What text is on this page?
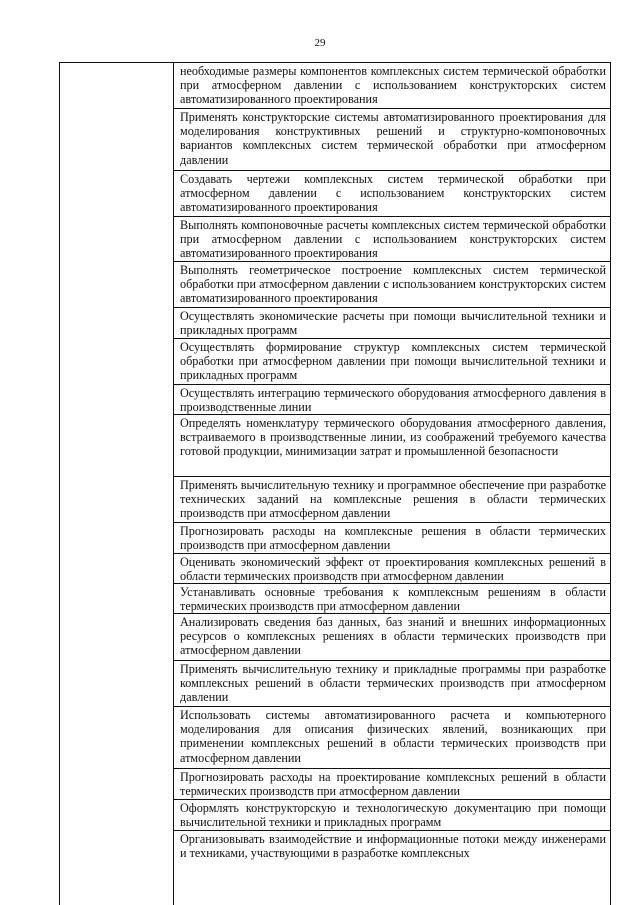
29
необходимые размеры компонентов комплексных систем термической обработки при атмосферном давлении с использованием конструкторских систем автоматизированного проектирования
Применять конструкторские системы автоматизированного проектирования для моделирования конструктивных решений и структурно-компоновочных вариантов комплексных систем термической обработки при атмосферном давлении
Создавать чертежи комплексных систем термической обработки при атмосферном давлении с использованием конструкторских систем автоматизированного проектирования
Выполнять компоновочные расчеты комплексных систем термической обработки при атмосферном давлении с использованием конструкторских систем автоматизированного проектирования
Выполнять геометрическое построение комплексных систем термической обработки при атмосферном давлении с использованием конструкторских систем автоматизированного проектирования
Осуществлять экономические расчеты при помощи вычислительной техники и прикладных программ
Осуществлять формирование структур комплексных систем термической обработки при атмосферном давлении при помощи вычислительной техники и прикладных программ
Осуществлять интеграцию термического оборудования атмосферного давления в производственные линии
Определять номенклатуру термического оборудования атмосферного давления, встраиваемого в производственные линии, из соображений требуемого качества готовой продукции, минимизации затрат и промышленной безопасности
Применять вычислительную технику и программное обеспечение при разработке технических заданий на комплексные решения в области термических производств при атмосферном давлении
Прогнозировать расходы на комплексные решения в области термических производств при атмосферном давлении
Оценивать экономический эффект от проектирования комплексных решений в области термических производств при атмосферном давлении
Устанавливать основные требования к комплексным решениям в области термических производств при атмосферном давлении
Анализировать сведения баз данных, баз знаний и внешних информационных ресурсов о комплексных решениях в области термических производств при атмосферном давлении
Применять вычислительную технику и прикладные программы при разработке комплексных решений в области термических производств при атмосферном давлении
Использовать системы автоматизированного расчета и компьютерного моделирования для описания физических явлений, возникающих при применении комплексных решений в области термических производств при атмосферном давлении
Прогнозировать расходы на проектирование комплексных решений в области термических производств при атмосферном давлении
Оформлять конструкторскую и технологическую документацию при помощи вычислительной техники и прикладных программ
Организовывать взаимодействие и информационные потоки между инженерами и техниками, участвующими в разработке комплексных
